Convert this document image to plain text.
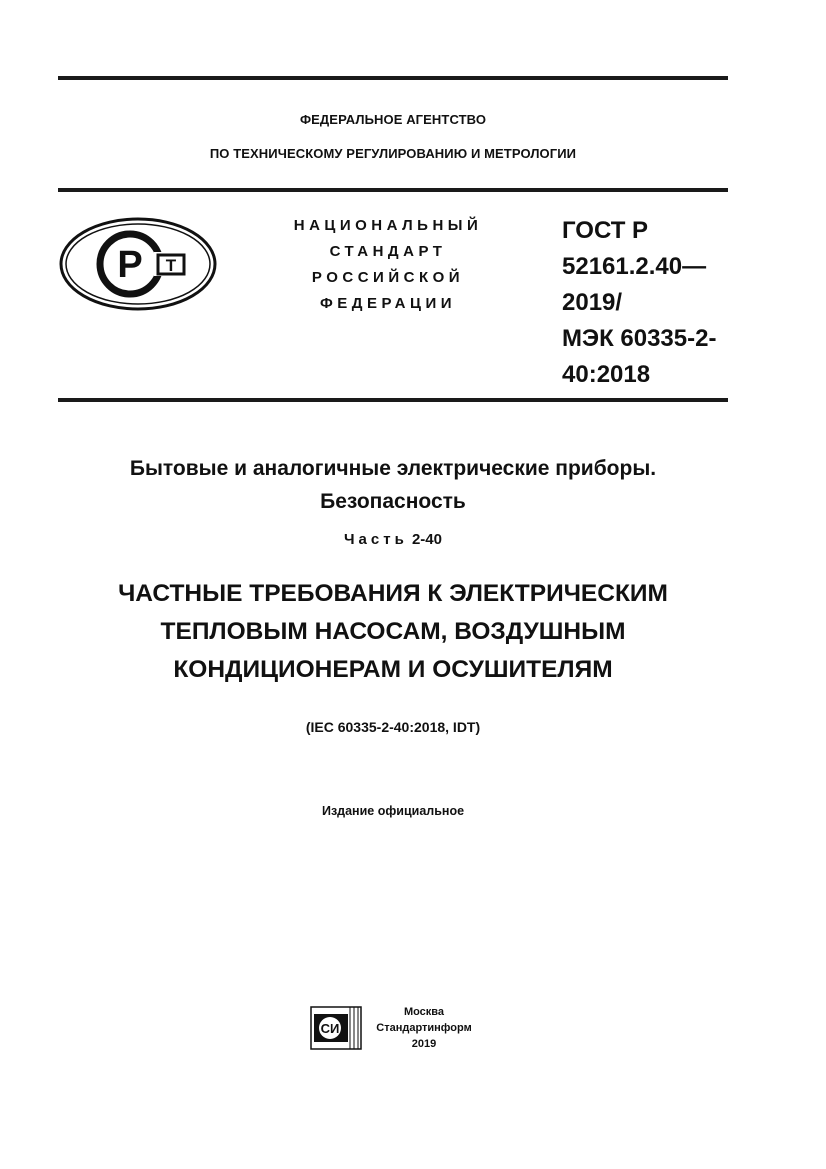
ФЕДЕРАЛЬНОЕ АГЕНТСТВО
ПО ТЕХНИЧЕСКОМУ РЕГУЛИРОВАНИЮ И МЕТРОЛОГИИ
Р Т
НАЦИОНАЛЬНЫЙ
СТАНДАРТ
РОССИЙСКОЙ
ФЕДЕРАЦИИ
ГОСТ Р
52161.2.40—
2019/
МЭК 60335-2-
40:2018
Бытовые и аналогичные электрические приборы.
Безопасность
Часть 2-40
ЧАСТНЫЕ ТРЕБОВАНИЯ К ЭЛЕКТРИЧЕСКИМ
ТЕПЛОВЫМ НАСОСАМ, ВОЗДУШНЫМ
КОНДИЦИОНЕРАМ И ОСУШИТЕЛЯМ
(IEC 60335-2-40:2018, IDT)
Издание официальное
СИ
Москва
Стандартинформ
2019
